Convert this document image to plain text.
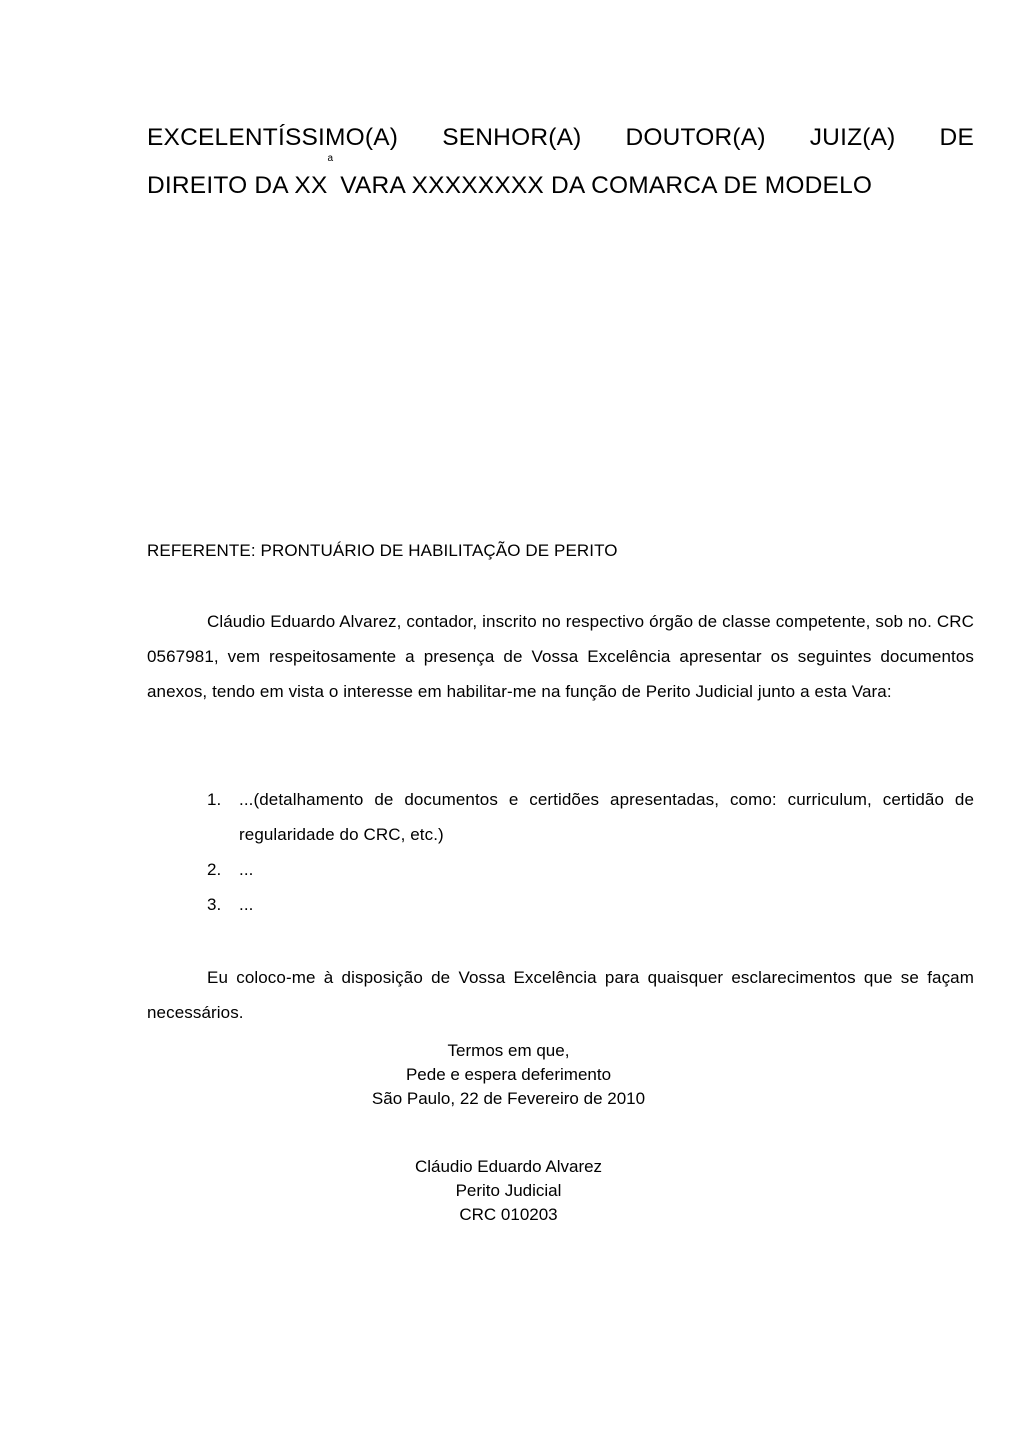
EXCELENTÍSSIMO(A) SENHOR(A) DOUTOR(A) JUIZ(A) DE
DIREITO DA $XX^a$ VARA XXXXXXXX DA COMARCA DE MODELO
REFERENTE: PRONTUÁRIO DE HABILITAÇÃO DE PERITO
Cláudio Eduardo Alvarez, contador, inscrito no respectivo órgão de classe competente, sob no. CRC 0567981, vem respeitosamente a presença de Vossa Excelência apresentar os seguintes documentos anexos, tendo em vista o interesse em habilitar-me na função de Perito Judicial junto a esta Vara:
1. ...(detalhamento de documentos e certidões apresentadas, como: curriculum, certidão de regularidade do CRC, etc.)
2. ...
3. ...
Eu coloco-me à disposição de Vossa Excelência para quaisquer esclarecimentos que se façam necessários.
Termos em que,
Pede e espera deferimento
São Paulo, 22 de Fevereiro de 2010
Cláudio Eduardo Alvarez
Perito Judicial
CRC 010203
